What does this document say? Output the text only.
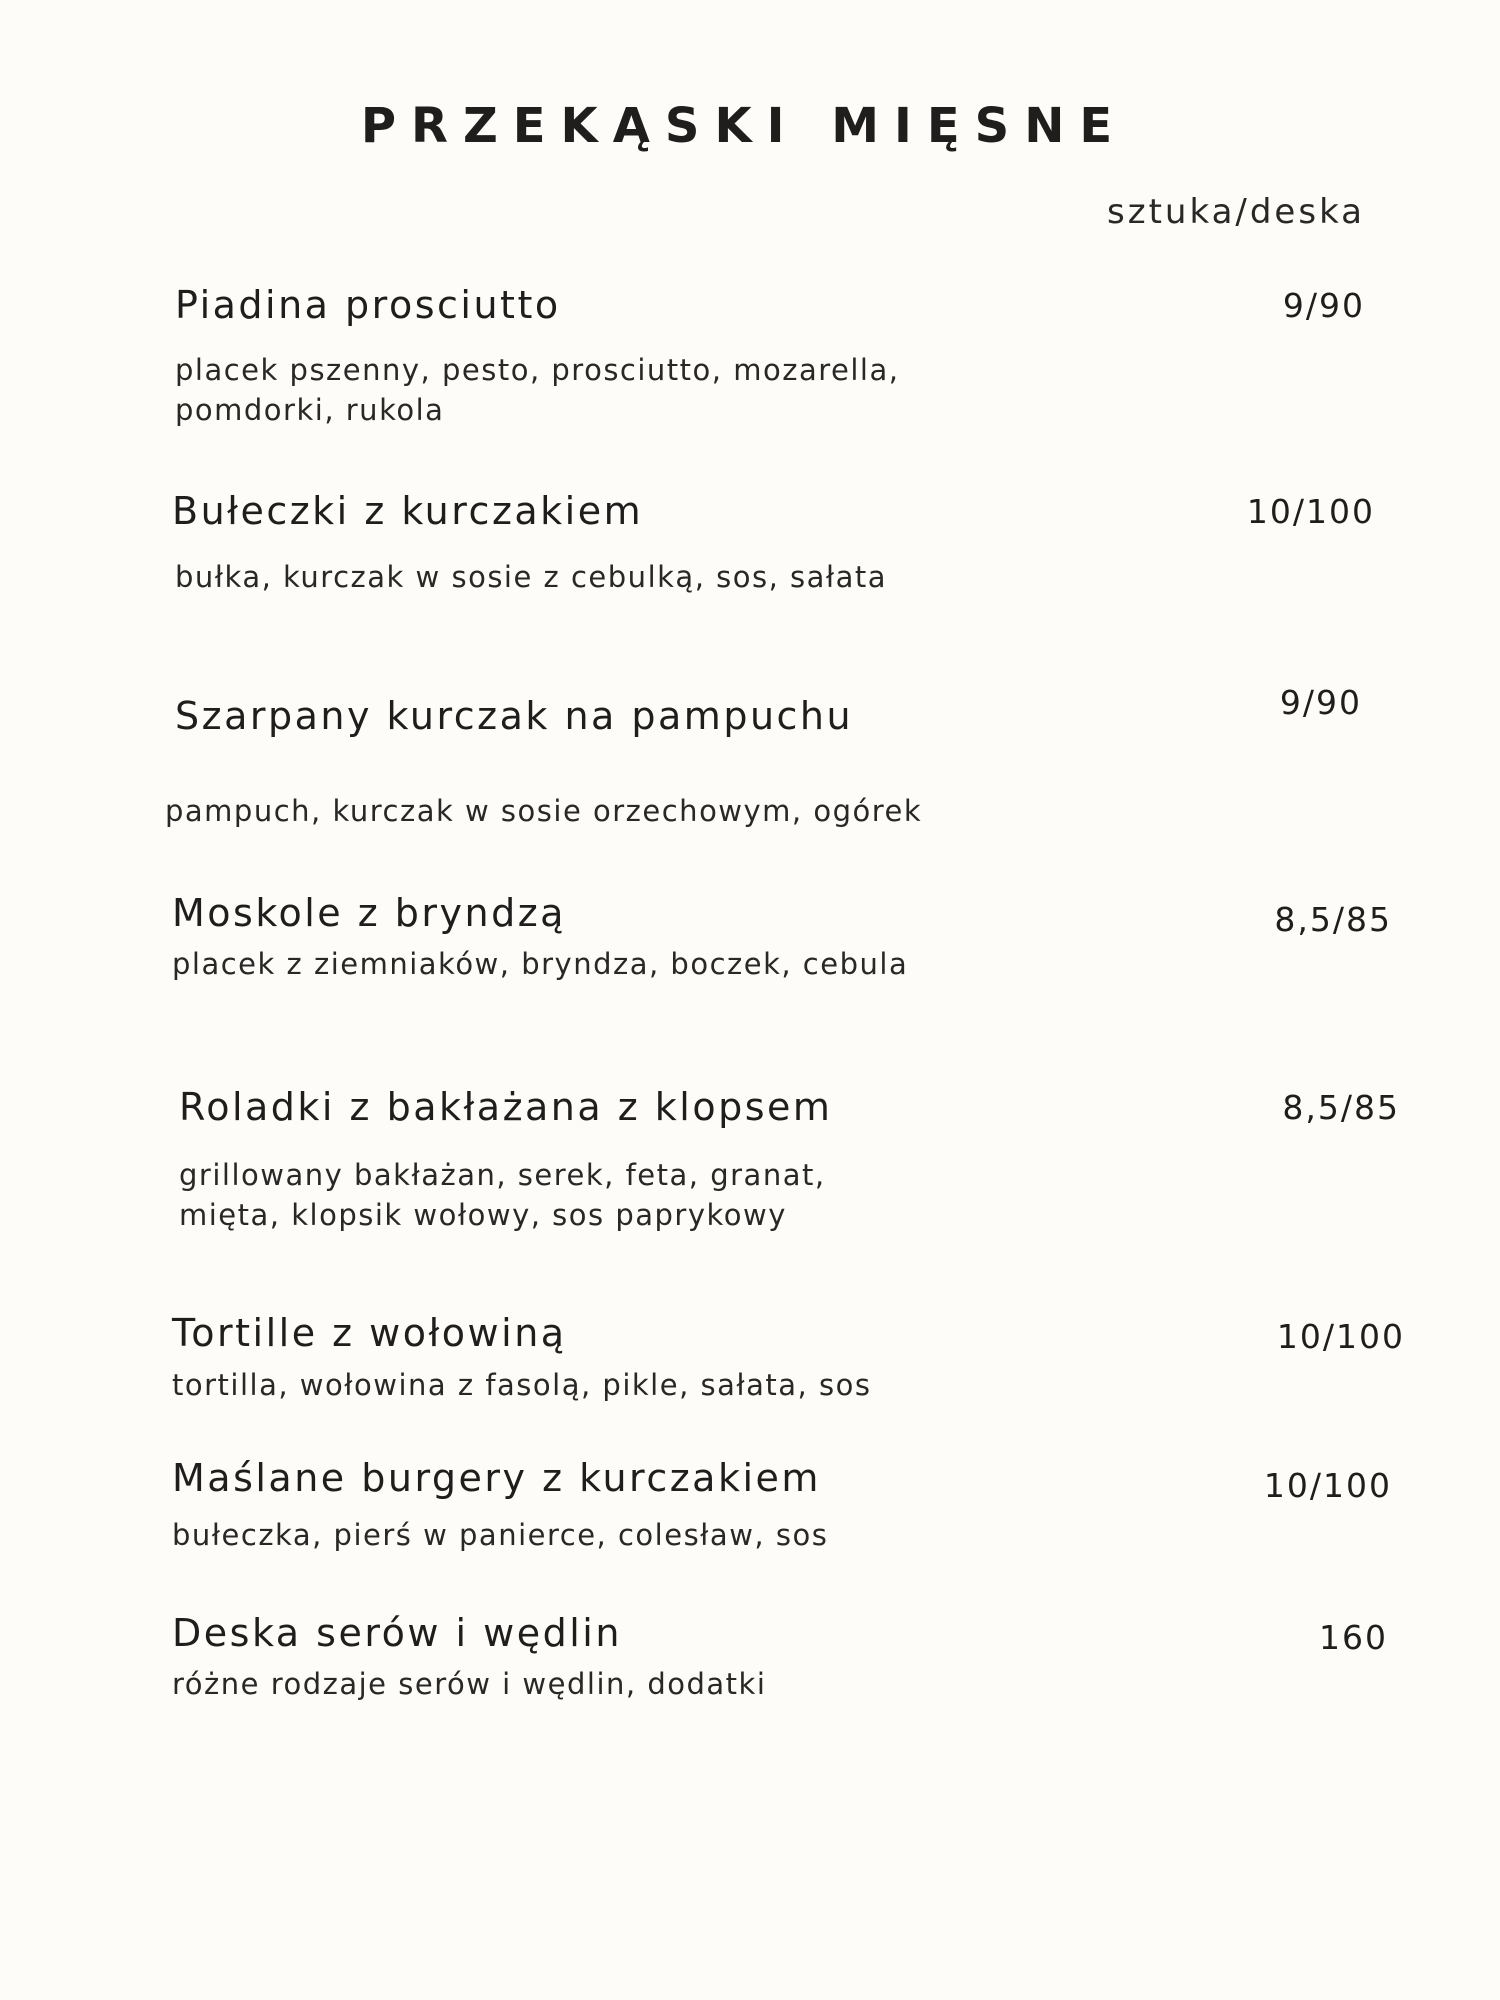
PRZEKĄSKI MIĘSNE
sztuka/deska
Piadina prosciutto	9/90
placek pszenny, pesto, prosciutto, mozarella,
pomdorki, rukola
Bułeczki z kurczakiem	10/100
bułka, kurczak w sosie z cebulką, sos, sałata
Szarpany kurczak na pampuchu	9/90
pampuch, kurczak w sosie orzechowym, ogórek
Moskole z bryndzą	8,5/85
placek z ziemniaków, bryndza, boczek, cebula
Roladki z bakłażana z klopsem	8,5/85
grillowany bakłażan, serek, feta, granat,
mięta, klopsik wołowy, sos paprykowy
Tortille z wołowiną	10/100
tortilla, wołowina z fasolą, pikle, sałata, sos
Maślane burgery z kurczakiem	10/100
bułeczka, pierś w panierce, colesław, sos
Deska serów i wędlin	160
różne rodzaje serów i wędlin, dodatki
